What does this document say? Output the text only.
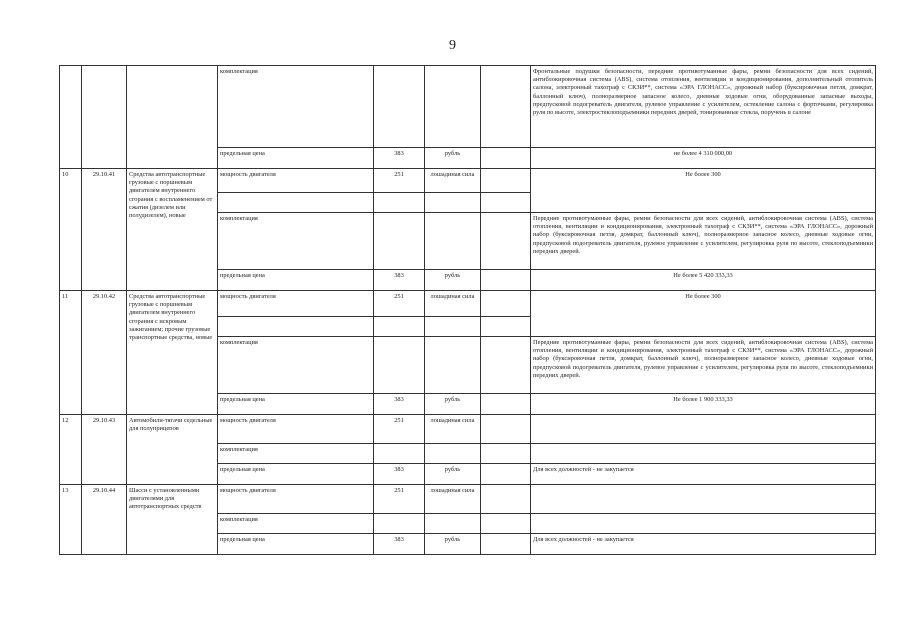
9
			комплектация				Фронтальные подушки безопасности, передние противотуманные фары, ремни безопасности для всех сидений, антиблокировочная система (ABS), система отопления, вентиляции и кондиционирования, дополнительный отопитель салона, электронный тахограф с СКЗИ**, система «ЭРА ГЛОНАСС», дорожный набор (буксировочная петля, домкрат, баллонный ключ), полноразмерное запасное колесо, дневные ходовые огни, оборудованные запасные выходы, предпусковой подогреватель двигателя, рулевое управление с усилителем, остекление салона с форточками, регулировка руля по высоте, электростеклоподъемники передних дверей, тонированные стекла, поручень в салоне
			предельная цена	383	рубль		не более 4 310 000,00
10	29.10.41	Средства автотранспортные грузовые с поршневым двигателем внутреннего сгорания с воспламенением от сжатия (дизелем или полудизелем), новые	мощность двигателя	251	лошадиная сила		Не более 300

			комплектация				Передние противотуманные фары, ремни безопасности для всех сидений, антиблокировочная система (ABS), система отопления, вентиляции и кондиционирования, электронный тахограф с СКЗИ**, система «ЭРА ГЛОНАСС», дорожный набор (буксировочная петля, домкрат, баллонный ключ), полноразмерное запасное колесо, дневные ходовые огни, предпусковой подогреватель двигателя, рулевое управление с усилителем, регулировка руля по высоте, стеклоподъемники передних дверей.
			предельная цена	383	рубль		Не более 5 420 333,33
11	29.10.42	Средства автотранспортные грузовые с поршневым двигателем внутреннего сгорания с искровым зажиганием; прочие грузовые транспортные средства, новые	мощность двигателя	251	лошадиная сила		Не более 300

			комплектация				Передние противотуманные фары, ремни безопасности для всех сидений, антиблокировочная система (ABS), система отопления, вентиляции и кондиционирования, электронный тахограф с СКЗИ**, система «ЭРА ГЛОНАСС», дорожный набор (буксировочная петля, домкрат, баллонный ключ), полноразмерное запасное колесо, дневные ходовые огни, предпусковой подогреватель двигателя, рулевое управление с усилителем, регулировка руля по высоте, стеклоподъемники передних дверей.
			предельная цена	383	рубль		Не более 1 900 333,33
12	29.10.43	Автомобили-тягачи седельные для полуприцепов	мощность двигателя	251	лошадиная сила		
			комплектация				
			предельная цена	383	рубль		Для всех должностей - не закупается
13	29.10.44	Шасси с установленными двигателями для автотранспортных средств	мощность двигателя	251	лошадиная сила		
			комплектация				
			предельная цена	383	рубль		Для всех должностей - не закупается
